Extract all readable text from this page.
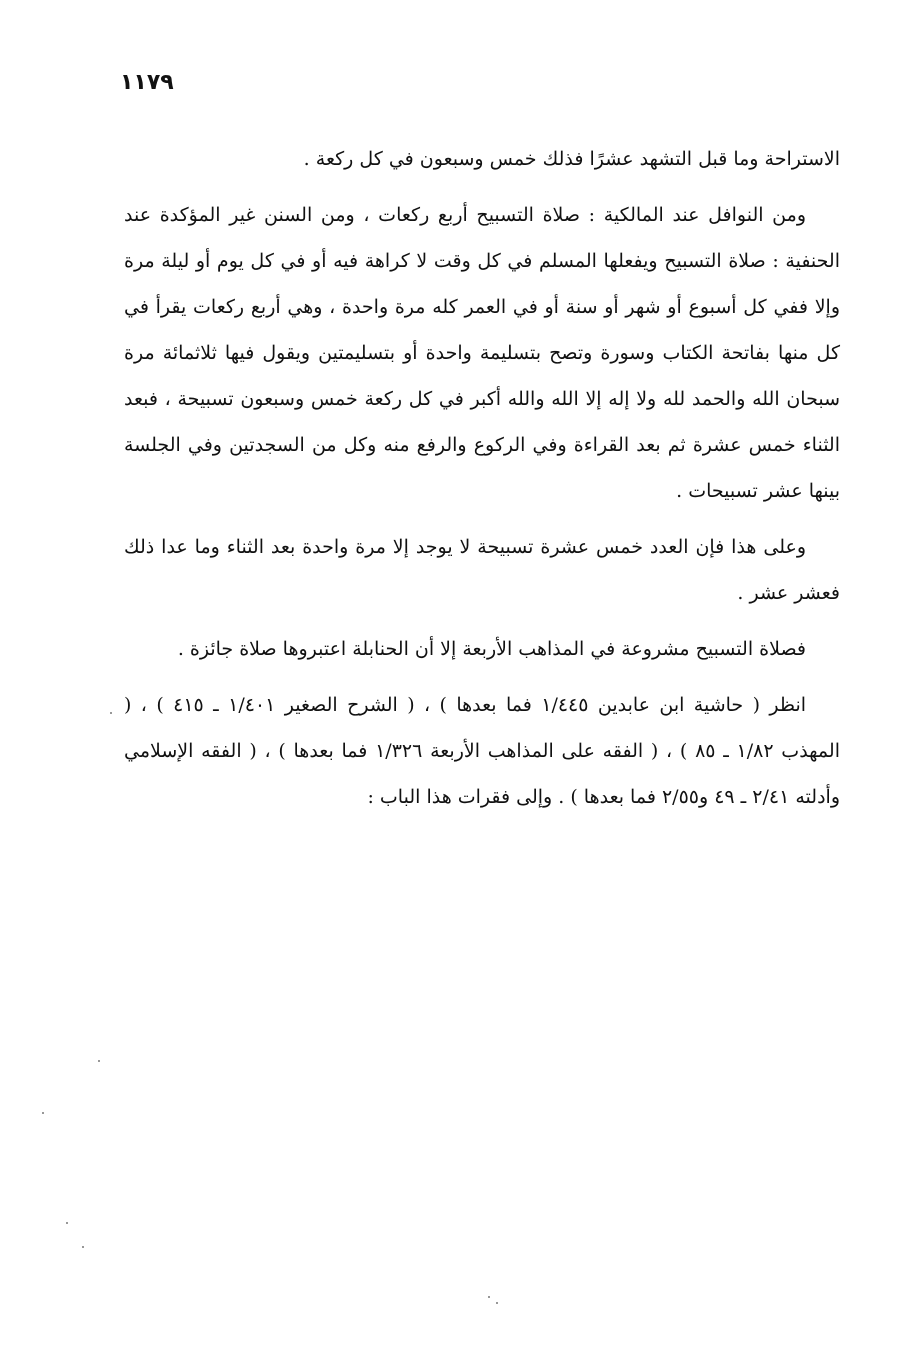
١١٧٩

الاستراحة وما قبل التشهد عشرًا فذلك خمس وسبعون في كل ركعة .

ومن النوافل عند المالكية : صلاة التسبيح أربع ركعات ، ومن السنن غير المؤكدة عند الحنفية : صلاة التسبيح ويفعلها المسلم في كل وقت لا كراهة فيه أو في كل يوم أو ليلة مرة وإلا ففي كل أسبوع أو شهر أو سنة أو في العمر كله مرة واحدة ، وهي أربع ركعات يقرأ في كل منها بفاتحة الكتاب وسورة وتصح بتسليمة واحدة أو بتسليمتين ويقول فيها ثلاثمائة مرة سبحان الله والحمد لله ولا إله إلا الله والله أكبر في كل ركعة خمس وسبعون تسبيحة ، فبعد الثناء خمس عشرة ثم بعد القراءة وفي الركوع والرفع منه وكل من السجدتين وفي الجلسة بينها عشر تسبيحات .

وعلى هذا فإن العدد خمس عشرة تسبيحة لا يوجد إلا مرة واحدة بعد الثناء وما عدا ذلك فعشر عشر .

فصلاة التسبيح مشروعة في المذاهب الأربعة إلا أن الحنابلة اعتبروها صلاة جائزة .

انظر ( حاشية ابن عابدين ١/٤٤٥ فما بعدها ) ، ( الشرح الصغير ١/٤٠١ ـ ٤١٥ ) ، ( المهذب ١/٨٢ ـ ٨٥ ) ، ( الفقه على المذاهب الأربعة ١/٣٢٦ فما بعدها ) ، ( الفقه الإسلامي وأدلته ٢/٤١ ـ ٤٩ و٢/٥٥ فما بعدها ) . وإلى فقرات هذا الباب :
